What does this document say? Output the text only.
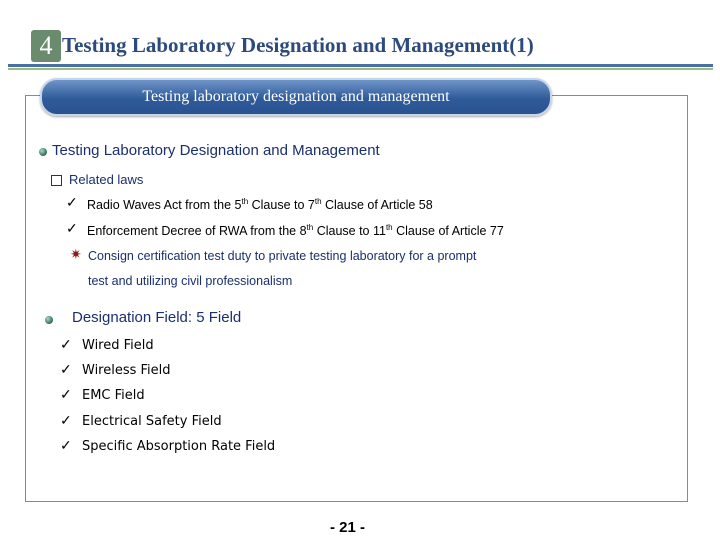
4 Testing Laboratory Designation and Management(1)
Testing laboratory designation and management
Testing Laboratory Designation and Management
Related laws
✓ Radio Waves Act from the 5th Clause to 7th Clause of Article 58
✓ Enforcement Decree of RWA from the 8th Clause to 11th Clause of Article 77
✷ Consign certification test duty to private testing laboratory for a prompt
test and utilizing civil professionalism
Designation Field: 5 Field
✓ Wired Field
✓ Wireless Field
✓ EMC Field
✓ Electrical Safety Field
✓ Specific Absorption Rate Field
- 21 -
